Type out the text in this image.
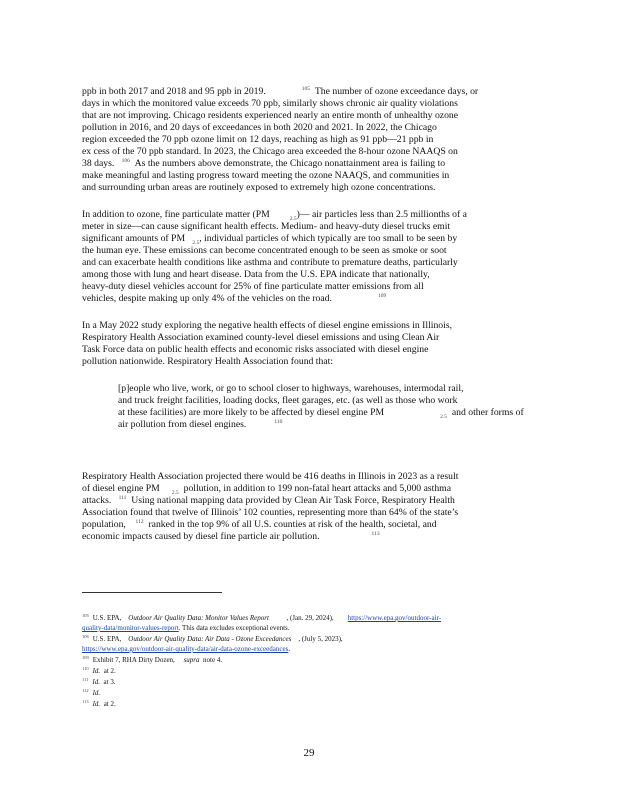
ppb in both 2017 and 2018 and 95 ppb in 2019.	$^{105}$ The number of ozone exceedance days, or
days in which the monitored value exceeds 70 ppb, similarly shows chronic air quality violations
that are not improving. Chicago residents experienced nearly an entire month of unhealthy ozone
pollution in 2016, and 20 days of exceedances in both 2020 and 2021. In 2022, the Chicago
region exceeded the 70 ppb ozone limit on 12 days, reaching as high as 91 ppb—21 ppb in
ex cess of the 70 ppb standard. In 2023, the Chicago area exceeded the 8-hour ozone NAAQS on
38 days. $^{106}$ As the numbers above demonstrate, the Chicago nonattainment area is failing to
make meaningful and lasting progress toward meeting the ozone NAAQS, and communities in
and surrounding urban areas are routinely exposed to extremely high ozone concentrations.
In addition to ozone, fine particulate matter (PM	$_{2.5}$)— air particles less than 2.5 millionths of a
meter in size—can cause significant health effects. Medium- and heavy-duty diesel trucks emit
significant amounts of PM $_{2.5}$, individual particles of which typically are too small to be seen by
the human eye. These emissions can become concentrated enough to be seen as smoke or soot
and can exacerbate health conditions like asthma and contribute to premature deaths, particularly
among those with lung and heart disease. Data from the U.S. EPA indicate that nationally,
heavy-duty diesel vehicles account for 25% of fine particulate matter emissions from all
vehicles, despite making up only 4% of the vehicles on the road.	$^{109}$
In a May 2022 study exploring the negative health effects of diesel engine emissions in Illinois,
Respiratory Health Association examined county-level diesel emissions and using Clean Air
Task Force data on public health effects and economic risks associated with diesel engine
pollution nationwide. Respiratory Health Association found that:
[p]eople who live, work, or go to school closer to highways, warehouses, intermodal rail,
and truck freight facilities, loading docks, fleet garages, etc. (as well as those who work
at these facilities) are more likely to be affected by diesel engine PM	$_{2.5}$ and other forms of
air pollution from diesel engines.	$^{110}$
Respiratory Health Association projected there would be 416 deaths in Illinois in 2023 as a result
of diesel engine PM $_{2.5}$ pollution, in addition to 199 non-fatal heart attacks and 5,000 asthma
attacks. $^{111}$ Using national mapping data provided by Clean Air Task Force, Respiratory Health
Association found that twelve of Illinois’ 102 counties, representing more than 64% of the state’s
population, $^{112}$ ranked in the top 9% of all U.S. counties at risk of the health, societal, and
economic impacts caused by diesel fine particle air pollution.	$^{113}$
$^{105}$ U.S. EPA, Outdoor Air Quality Data: Monitor Values Report	, (Jan. 29, 2024), https://www.epa.gov/outdoor-air-
quality-data/monitor-values-report. This data excludes exceptional events.
$^{106}$ U.S. EPA, Outdoor Air Quality Data: Air Data - Ozone Exceedances , (July 5, 2023),
https://www.epa.gov/outdoor-air-quality-data/air-data-ozone-exceedances.
$^{109}$ Exhibit 7, RHA Dirty Dozen, supra note 4.
$^{110}$ Id. at 2.
$^{111}$ Id. at 3.
$^{112}$ Id.
$^{113}$ Id. at 2.
29
